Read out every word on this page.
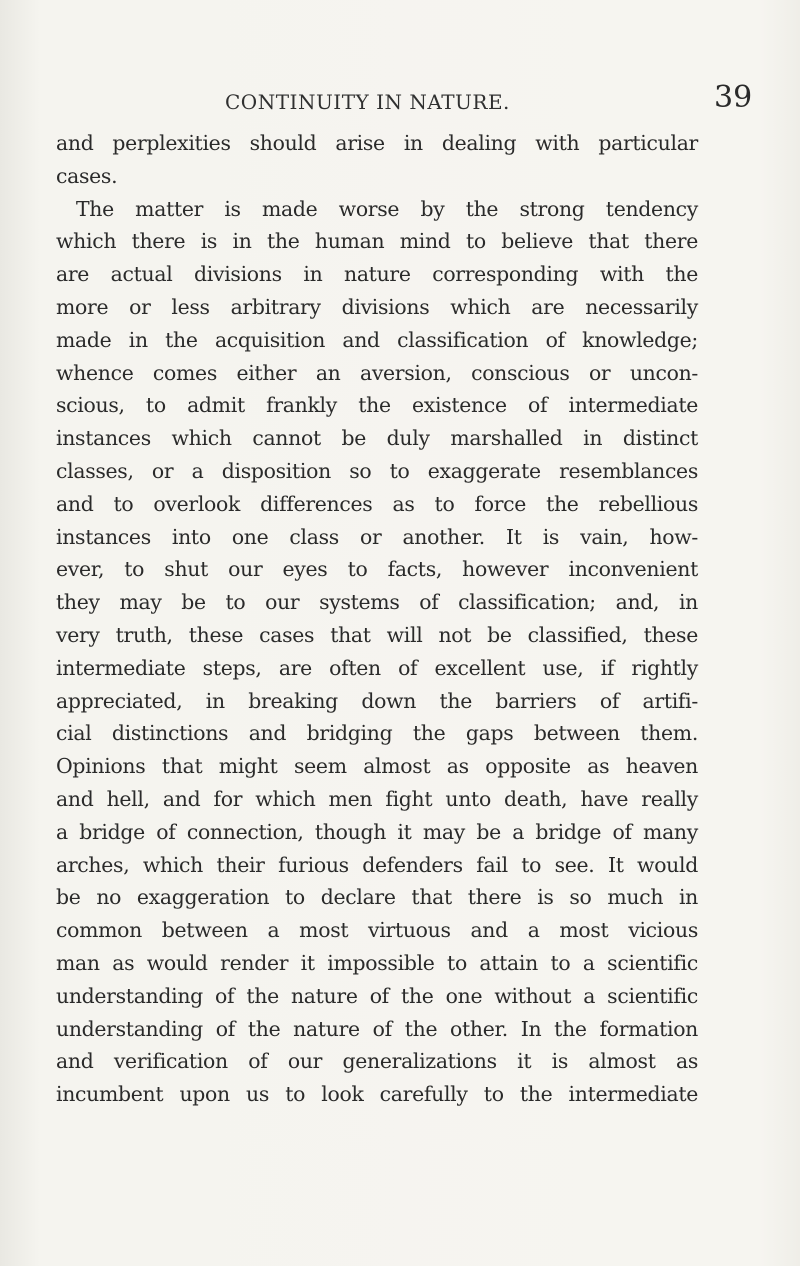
CONTINUITY IN NATURE.	39
and perplexities should arise in dealing with particular
cases.
The matter is made worse by the strong tendency
which there is in the human mind to believe that there
are actual divisions in nature corresponding with the
more or less arbitrary divisions which are necessarily
made in the acquisition and classification of knowledge;
whence comes either an aversion, conscious or uncon-
scious, to admit frankly the existence of intermediate
instances which cannot be duly marshalled in distinct
classes, or a disposition so to exaggerate resemblances
and to overlook differences as to force the rebellious
instances into one class or another. It is vain, how-
ever, to shut our eyes to facts, however inconvenient
they may be to our systems of classification; and, in
very truth, these cases that will not be classified, these
intermediate steps, are often of excellent use, if rightly
appreciated, in breaking down the barriers of artifi-
cial distinctions and bridging the gaps between them.
Opinions that might seem almost as opposite as heaven
and hell, and for which men fight unto death, have really
a bridge of connection, though it may be a bridge of many
arches, which their furious defenders fail to see. It would
be no exaggeration to declare that there is so much in
common between a most virtuous and a most vicious
man as would render it impossible to attain to a scientific
understanding of the nature of the one without a scientific
understanding of the nature of the other. In the formation
and verification of our generalizations it is almost as
incumbent upon us to look carefully to the intermediate
